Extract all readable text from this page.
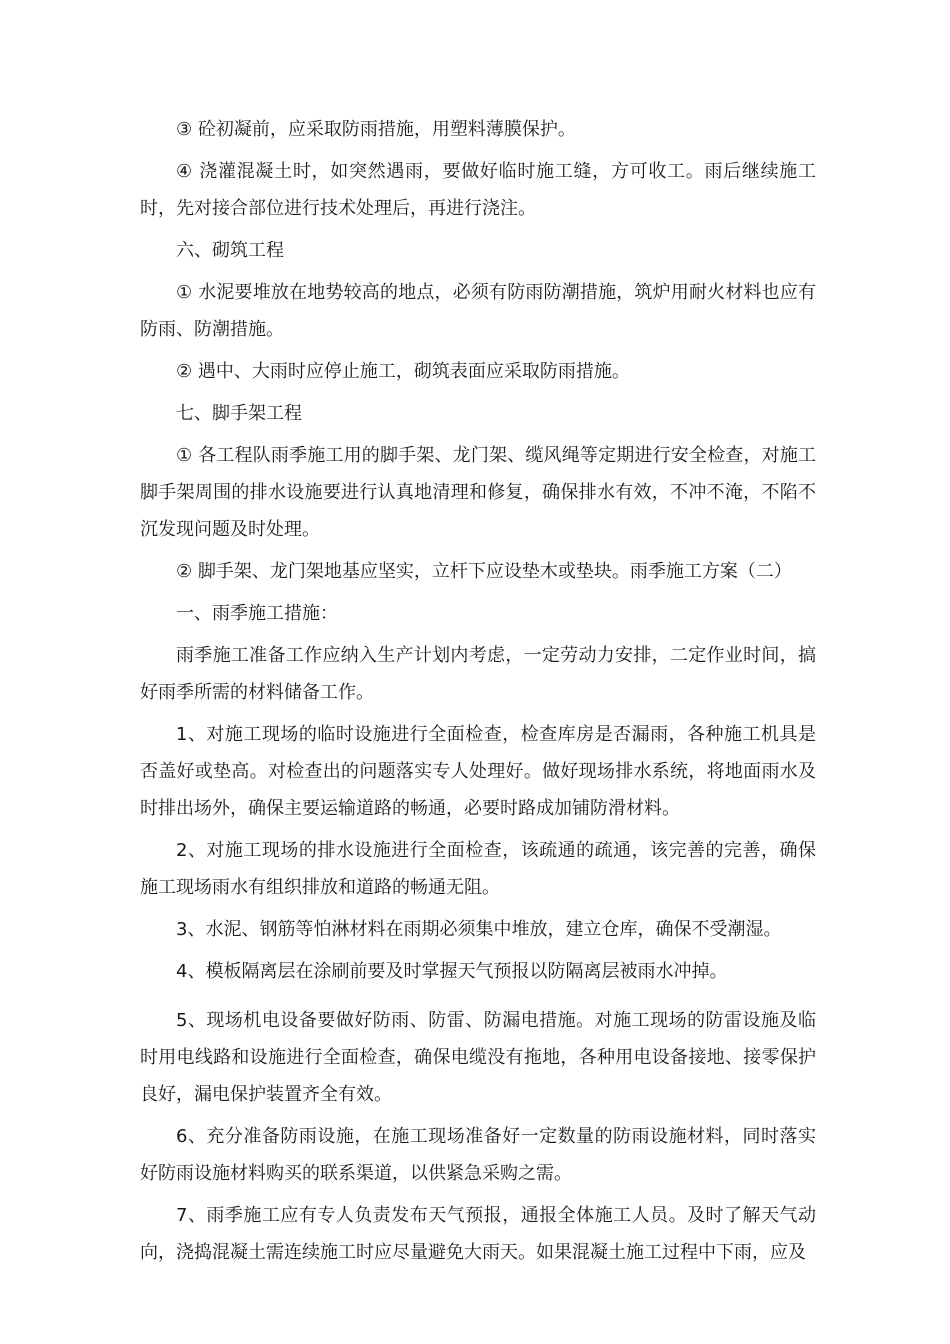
③ 砼初凝前，应采取防雨措施，用塑料薄膜保护。

④ 浇灌混凝土时，如突然遇雨，要做好临时施工缝，方可收工。雨后继续施工时，先对接合部位进行技术处理后，再进行浇注。

六、砌筑工程

① 水泥要堆放在地势较高的地点，必须有防雨防潮措施，筑炉用耐火材料也应有防雨、防潮措施。

② 遇中、大雨时应停止施工，砌筑表面应采取防雨措施。

七、脚手架工程

① 各工程队雨季施工用的脚手架、龙门架、缆风绳等定期进行安全检查，对施工脚手架周围的排水设施要进行认真地清理和修复，确保排水有效，不冲不淹，不陷不沉发现问题及时处理。

② 脚手架、龙门架地基应坚实，立杆下应设垫木或垫块。雨季施工方案（二）

一、雨季施工措施：

雨季施工准备工作应纳入生产计划内考虑，一定劳动力安排，二定作业时间，搞好雨季所需的材料储备工作。

1、对施工现场的临时设施进行全面检查，检查库房是否漏雨，各种施工机具是否盖好或垫高。对检查出的问题落实专人处理好。做好现场排水系统，将地面雨水及时排出场外，确保主要运输道路的畅通，必要时路成加铺防滑材料。

2、对施工现场的排水设施进行全面检查，该疏通的疏通，该完善的完善，确保施工现场雨水有组织排放和道路的畅通无阻。

3、水泥、钢筋等怕淋材料在雨期必须集中堆放，建立仓库，确保不受潮湿。

4、模板隔离层在涂刷前要及时掌握天气预报以防隔离层被雨水冲掉。

5、现场机电设备要做好防雨、防雷、防漏电措施。对施工现场的防雷设施及临时用电线路和设施进行全面检查，确保电缆没有拖地，各种用电设备接地、接零保护良好，漏电保护装置齐全有效。

6、充分准备防雨设施，在施工现场准备好一定数量的防雨设施材料，同时落实好防雨设施材料购买的联系渠道，以供紧急采购之需。

7、雨季施工应有专人负责发布天气预报，通报全体施工人员。及时了解天气动向，浇捣混凝土需连续施工时应尽量避免大雨天。如果混凝土施工过程中下雨，应及
